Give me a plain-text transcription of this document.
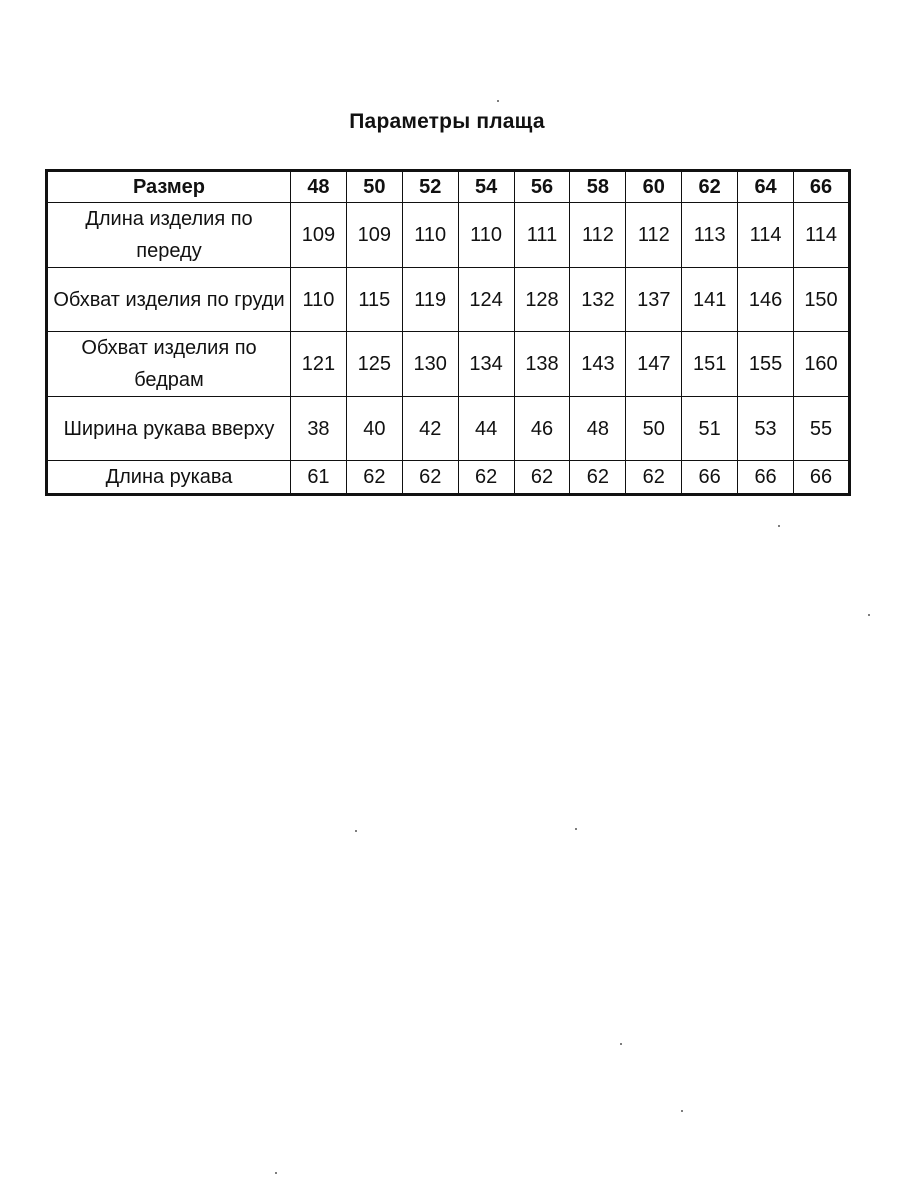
Параметры плаща
Размер	48	50	52	54	56	58	60	62	64	66
Длина изделия по переду	109	109	110	110	111	112	112	113	114	114
Обхват изделия по груди	110	115	119	124	128	132	137	141	146	150
Обхват изделия по бедрам	121	125	130	134	138	143	147	151	155	160
Ширина рукава вверху	38	40	42	44	46	48	50	51	53	55
Длина рукава	61	62	62	62	62	62	62	66	66	66
